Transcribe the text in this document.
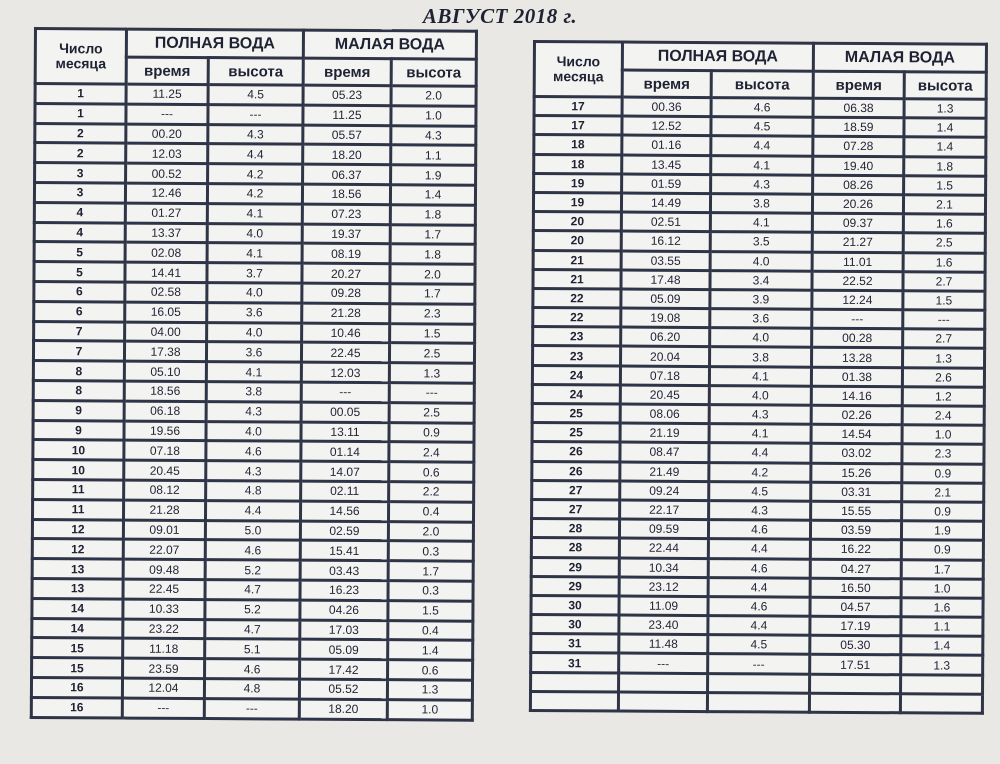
АВГУСТ 2018 г.
Число месяца	ПОЛНАЯ ВОДА		МАЛАЯ ВОДА	
	время	высота	время	высота
1	11.25	4.5	05.23	2.0
1	---	---	11.25	1.0
2	00.20	4.3	05.57	4.3
2	12.03	4.4	18.20	1.1
3	00.52	4.2	06.37	1.9
3	12.46	4.2	18.56	1.4
4	01.27	4.1	07.23	1.8
4	13.37	4.0	19.37	1.7
5	02.08	4.1	08.19	1.8
5	14.41	3.7	20.27	2.0
6	02.58	4.0	09.28	1.7
6	16.05	3.6	21.28	2.3
7	04.00	4.0	10.46	1.5
7	17.38	3.6	22.45	2.5
8	05.10	4.1	12.03	1.3
8	18.56	3.8	---	---
9	06.18	4.3	00.05	2.5
9	19.56	4.0	13.11	0.9
10	07.18	4.6	01.14	2.4
10	20.45	4.3	14.07	0.6
11	08.12	4.8	02.11	2.2
11	21.28	4.4	14.56	0.4
12	09.01	5.0	02.59	2.0
12	22.07	4.6	15.41	0.3
13	09.48	5.2	03.43	1.7
13	22.45	4.7	16.23	0.3
14	10.33	5.2	04.26	1.5
14	23.22	4.7	17.03	0.4
15	11.18	5.1	05.09	1.4
15	23.59	4.6	17.42	0.6
16	12.04	4.8	05.52	1.3
16	---	---	18.20	1.0
Число месяца	ПОЛНАЯ ВОДА		МАЛАЯ ВОДА	
	время	высота	время	высота
17	00.36	4.6	06.38	1.3
17	12.52	4.5	18.59	1.4
18	01.16	4.4	07.28	1.4
18	13.45	4.1	19.40	1.8
19	01.59	4.3	08.26	1.5
19	14.49	3.8	20.26	2.1
20	02.51	4.1	09.37	1.6
20	16.12	3.5	21.27	2.5
21	03.55	4.0	11.01	1.6
21	17.48	3.4	22.52	2.7
22	05.09	3.9	12.24	1.5
22	19.08	3.6	---	---
23	06.20	4.0	00.28	2.7
23	20.04	3.8	13.28	1.3
24	07.18	4.1	01.38	2.6
24	20.45	4.0	14.16	1.2
25	08.06	4.3	02.26	2.4
25	21.19	4.1	14.54	1.0
26	08.47	4.4	03.02	2.3
26	21.49	4.2	15.26	0.9
27	09.24	4.5	03.31	2.1
27	22.17	4.3	15.55	0.9
28	09.59	4.6	03.59	1.9
28	22.44	4.4	16.22	0.9
29	10.34	4.6	04.27	1.7
29	23.12	4.4	16.50	1.0
30	11.09	4.6	04.57	1.6
30	23.40	4.4	17.19	1.1
31	11.48	4.5	05.30	1.4
31	---	---	17.51	1.3
